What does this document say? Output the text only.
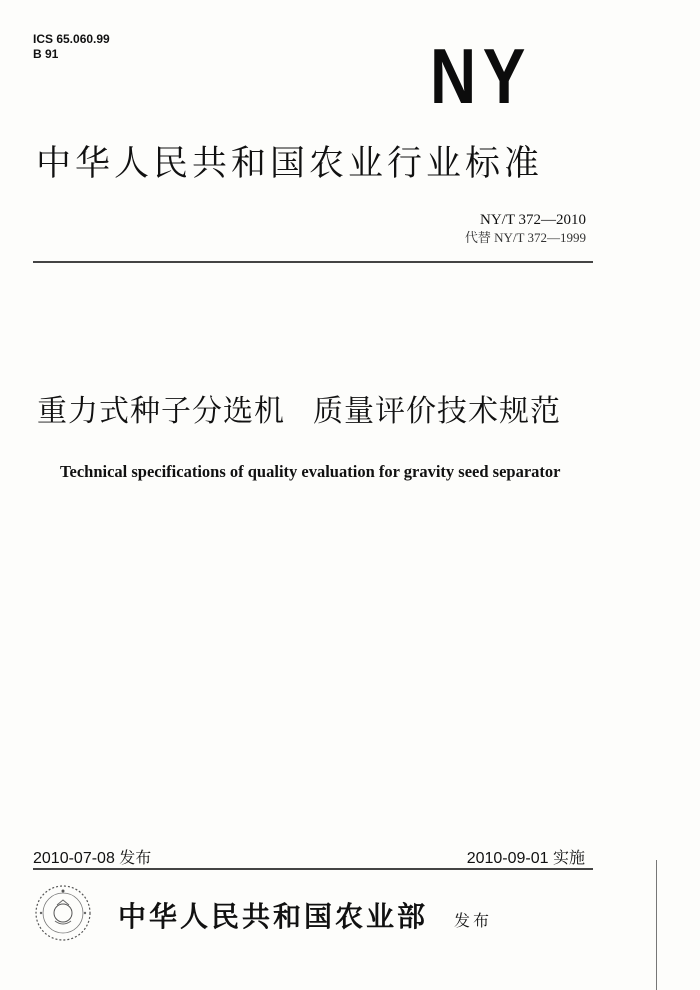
ICS 65.060.99
B 91	NY
中华人民共和国农业行业标准
NY/T 372—2010
代替 NY/T 372—1999
重力式种子分选机 质量评价技术规范
Technical specifications of quality evaluation for gravity seed separator
2010-07-08 发布	2010-09-01 实施
中华人民共和国农业部 发布
